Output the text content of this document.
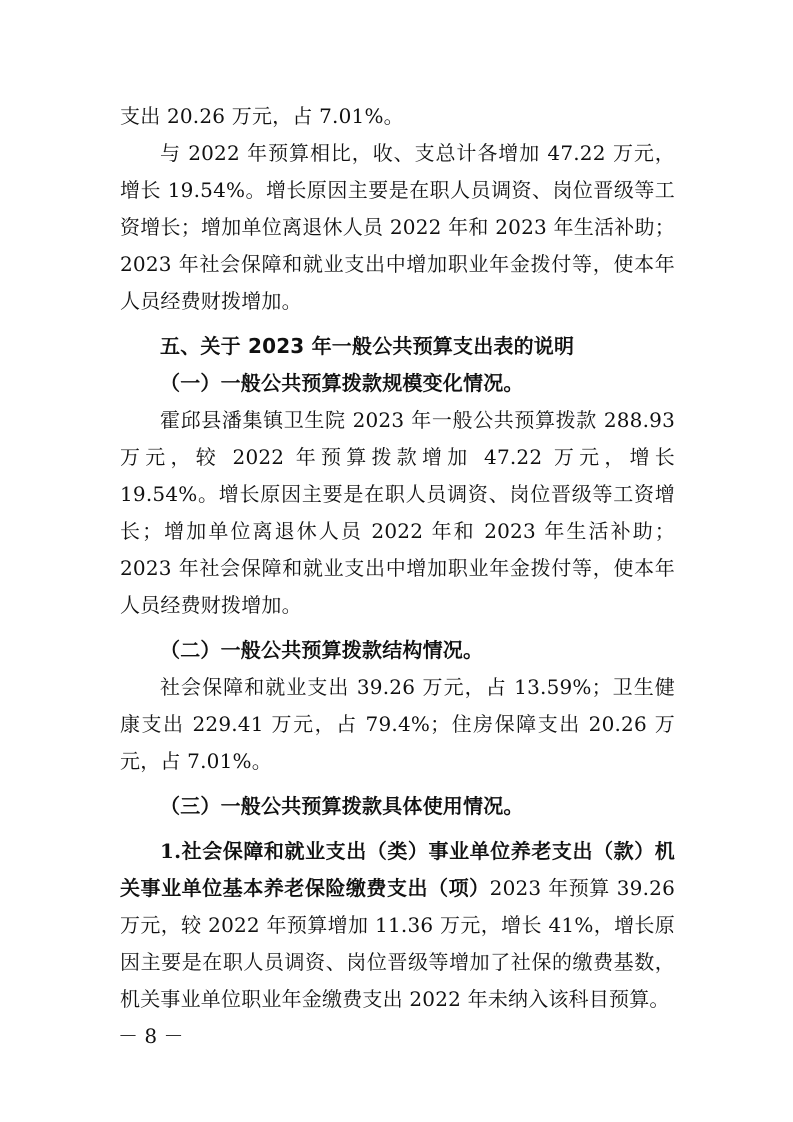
支出 20.26 万元，占 7.01%。

与 2022 年预算相比，收、支总计各增加 47.22 万元，增长 19.54%。增长原因主要是在职人员调资、岗位晋级等工资增长；增加单位离退休人员 2022 年和 2023 年生活补助；2023 年社会保障和就业支出中增加职业年金拨付等，使本年人员经费财拨增加。

五、关于 2023 年一般公共预算支出表的说明

（一）一般公共预算拨款规模变化情况。

霍邱县潘集镇卫生院 2023 年一般公共预算拨款 288.93 万元，较 2022 年预算拨款增加 47.22 万元，增长 19.54%。增长原因主要是在职人员调资、岗位晋级等工资增长；增加单位离退休人员 2022 年和 2023 年生活补助；2023 年社会保障和就业支出中增加职业年金拨付等，使本年人员经费财拨增加。

（二）一般公共预算拨款结构情况。

社会保障和就业支出 39.26 万元，占 13.59%；卫生健康支出 229.41 万元，占 79.4%；住房保障支出 20.26 万元，占 7.01%。

（三）一般公共预算拨款具体使用情况。

1.社会保障和就业支出（类）事业单位养老支出（款）机关事业单位基本养老保险缴费支出（项）2023 年预算 39.26 万元，较 2022 年预算增加 11.36 万元，增长 41%，增长原因主要是在职人员调资、岗位晋级等增加了社保的缴费基数，机关事业单位职业年金缴费支出 2022 年未纳入该科目预算。

－ 8 －
